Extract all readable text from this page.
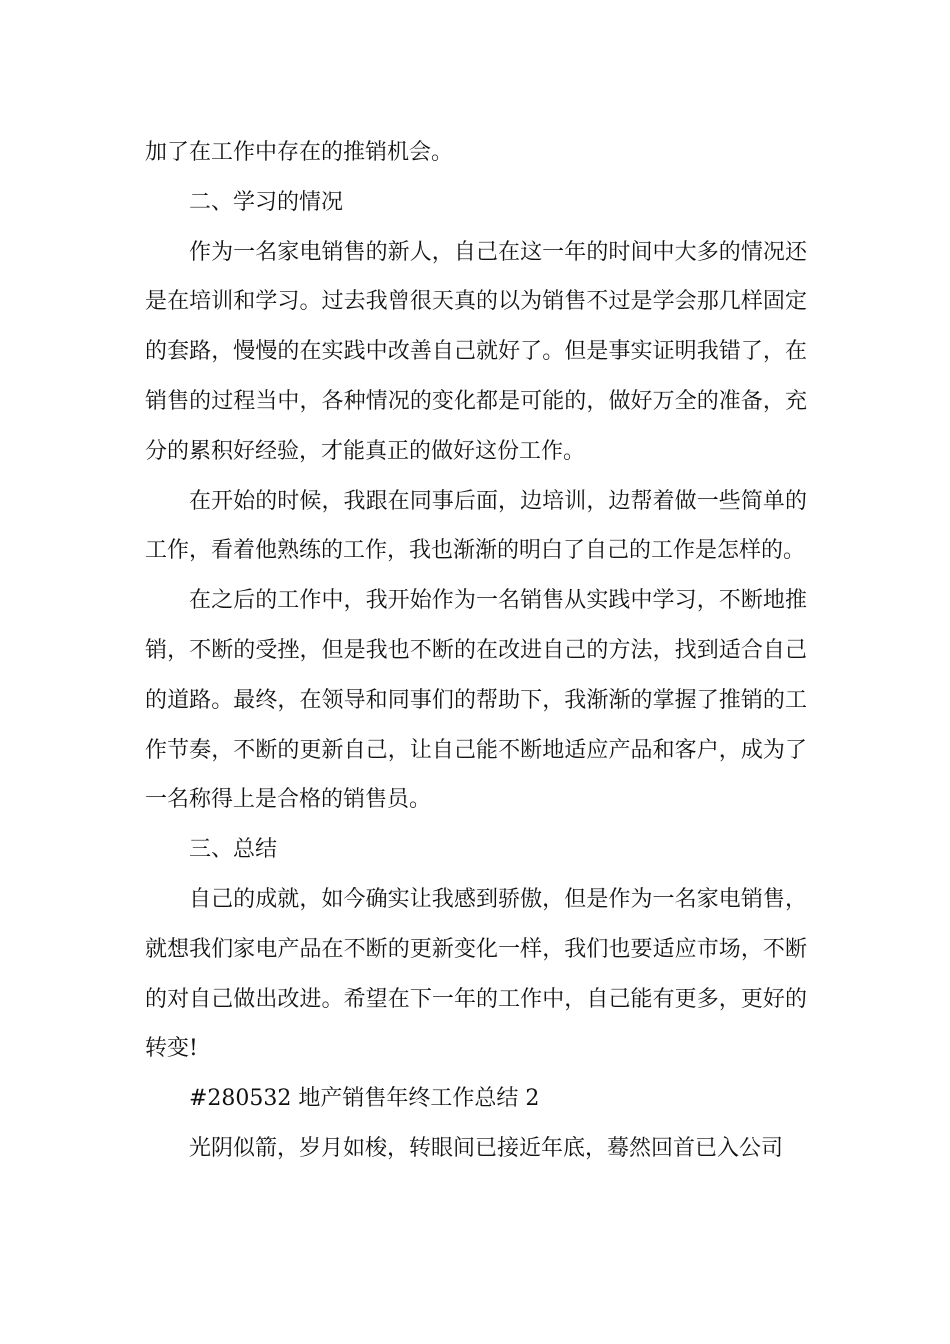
加了在工作中存在的推销机会。

二、学习的情况

作为一名家电销售的新人，自己在这一年的时间中大多的情况还是在培训和学习。过去我曾很天真的以为销售不过是学会那几样固定的套路，慢慢的在实践中改善自己就好了。但是事实证明我错了，在销售的过程当中，各种情况的变化都是可能的，做好万全的准备，充分的累积好经验，才能真正的做好这份工作。

在开始的时候，我跟在同事后面，边培训，边帮着做一些简单的工作，看着他熟练的工作，我也渐渐的明白了自己的工作是怎样的。

在之后的工作中，我开始作为一名销售从实践中学习，不断地推销，不断的受挫，但是我也不断的在改进自己的方法，找到适合自己的道路。最终，在领导和同事们的帮助下，我渐渐的掌握了推销的工作节奏，不断的更新自己，让自己能不断地适应产品和客户，成为了一名称得上是合格的销售员。

三、总结

自己的成就，如今确实让我感到骄傲，但是作为一名家电销售，就想我们家电产品在不断的更新变化一样，我们也要适应市场，不断的对自己做出改进。希望在下一年的工作中，自己能有更多，更好的转变!

#280532 地产销售年终工作总结 2

光阴似箭，岁月如梭，转眼间已接近年底，蓦然回首已入公司
